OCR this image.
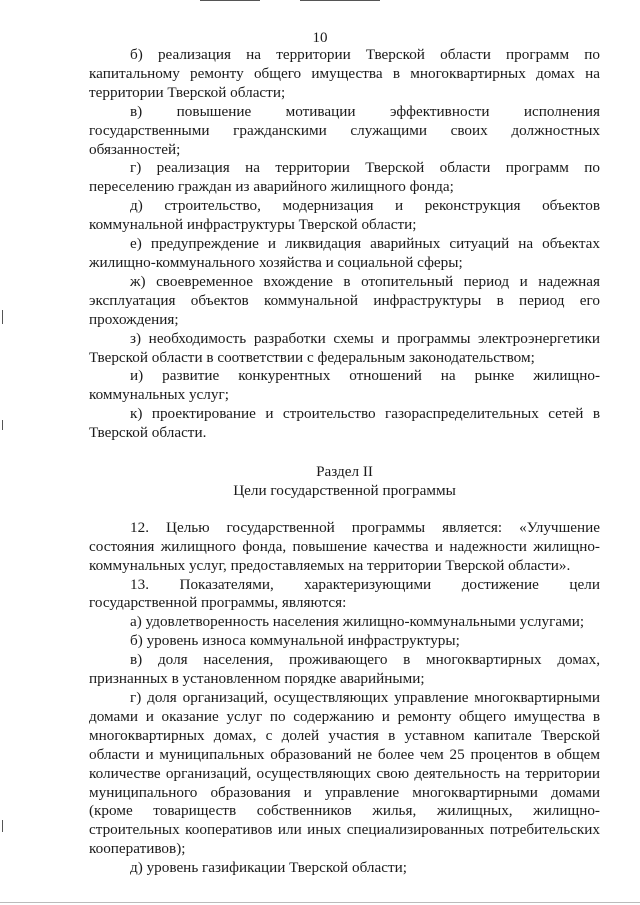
10

б) реализация на территории Тверской области программ по капитальному ремонту общего имущества в многоквартирных домах на территории Тверской области;

в) повышение мотивации эффективности исполнения государственными гражданскими служащими своих должностных обязанностей;

г) реализация на территории Тверской области программ по переселению граждан из аварийного жилищного фонда;

д) строительство, модернизация и реконструкция объектов коммунальной инфраструктуры Тверской области;

е) предупреждение и ликвидация аварийных ситуаций на объектах жилищно-коммунального хозяйства и социальной сферы;

ж) своевременное вхождение в отопительный период и надежная эксплуатация объектов коммунальной инфраструктуры в период его прохождения;

з) необходимость разработки схемы и программы электроэнергетики Тверской области в соответствии с федеральным законодательством;

и) развитие конкурентных отношений на рынке жилищно-коммунальных услуг;

к) проектирование и строительство газораспределительных сетей в Тверской области.

Раздел II

Цели государственной программы

12. Целью государственной программы является: «Улучшение состояния жилищного фонда, повышение качества и надежности жилищно-коммунальных услуг, предоставляемых на территории Тверской области».

13. Показателями, характеризующими достижение цели государственной программы, являются:

а) удовлетворенность населения жилищно-коммунальными услугами;

б) уровень износа коммунальной инфраструктуры;

в) доля населения, проживающего в многоквартирных домах, признанных в установленном порядке аварийными;

г) доля организаций, осуществляющих управление многоквартирными домами и оказание услуг по содержанию и ремонту общего имущества в многоквартирных домах, с долей участия в уставном капитале Тверской области и муниципальных образований не более чем 25 процентов в общем количестве организаций, осуществляющих свою деятельность на территории муниципального образования и управление многоквартирными домами (кроме товариществ собственников жилья, жилищных, жилищно-строительных кооперативов или иных специализированных потребительских кооперативов);

д) уровень газификации Тверской области;
